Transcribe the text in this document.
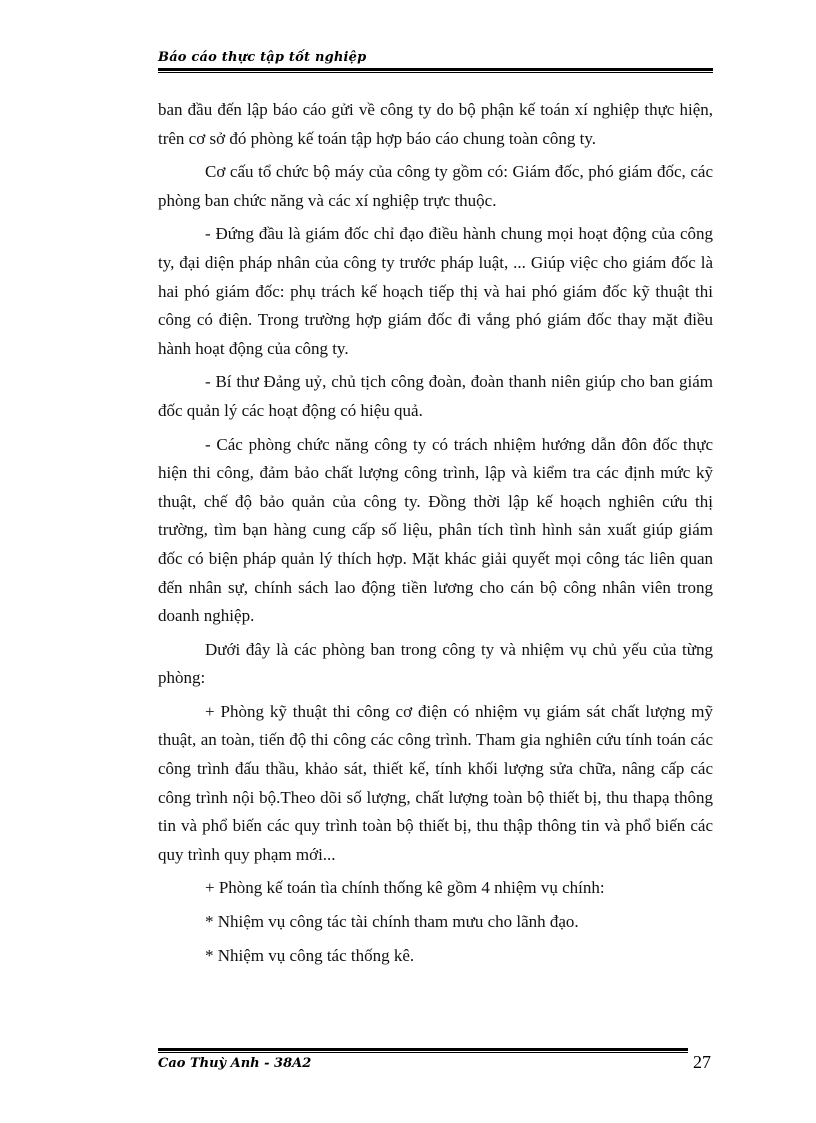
Báo cáo thực tập tốt nghiệp

ban đầu đến lập báo cáo gửi về công ty do bộ phận kế toán xí nghiệp thực hiện, trên cơ sở đó phòng kế toán tập hợp báo cáo chung toàn công ty.

Cơ cấu tổ chức bộ máy của công ty gồm có: Giám đốc, phó giám đốc, các phòng ban chức năng và các xí nghiệp trực thuộc.

- Đứng đầu là giám đốc chỉ đạo điều hành chung mọi hoạt động của công ty, đại diện pháp nhân của công ty trước pháp luật, ... Giúp việc cho giám đốc là hai phó giám đốc: phụ trách kế hoạch tiếp thị và hai phó giám đốc kỹ thuật thi công có điện. Trong trường hợp giám đốc đi vắng phó giám đốc thay mặt điều hành hoạt động của công ty.

- Bí thư Đảng uỷ, chủ tịch công đoàn, đoàn thanh niên giúp cho ban giám đốc quản lý các hoạt động có hiệu quả.

- Các phòng chức năng công ty có trách nhiệm hướng dẫn đôn đốc thực hiện thi công, đảm bảo chất lượng công trình, lập và kiểm tra các định mức kỹ thuật, chế độ bảo quản của công ty. Đồng thời lập kế hoạch nghiên cứu thị trường, tìm bạn hàng cung cấp số liệu, phân tích tình hình sản xuất giúp giám đốc có biện pháp quản lý thích hợp. Mặt khác giải quyết mọi công tác liên quan đến nhân sự, chính sách lao động tiền lương cho cán bộ công nhân viên trong doanh nghiệp.

Dưới đây là các phòng ban trong công ty và nhiệm vụ chủ yếu của từng phòng:

+ Phòng kỹ thuật thi công cơ điện có nhiệm vụ giám sát chất lượng mỹ thuật, an toàn, tiến độ thi công các công trình. Tham gia nghiên cứu tính toán các công trình đấu thầu, khảo sát, thiết kế, tính khối lượng sửa chữa, nâng cấp các công trình nội bộ.Theo dõi số lượng, chất lượng toàn bộ thiết bị, thu thapạ thông tin và phổ biến các quy trình toàn bộ thiết bị, thu thập thông tin và phổ biến các quy trình quy phạm mới...

+ Phòng kế toán tìa chính thống kê gồm 4 nhiệm vụ chính:

* Nhiệm vụ công tác tài chính tham mưu cho lãnh đạo.

* Nhiệm vụ công tác thống kê.

Cao Thuỳ Anh - 38A2	27
